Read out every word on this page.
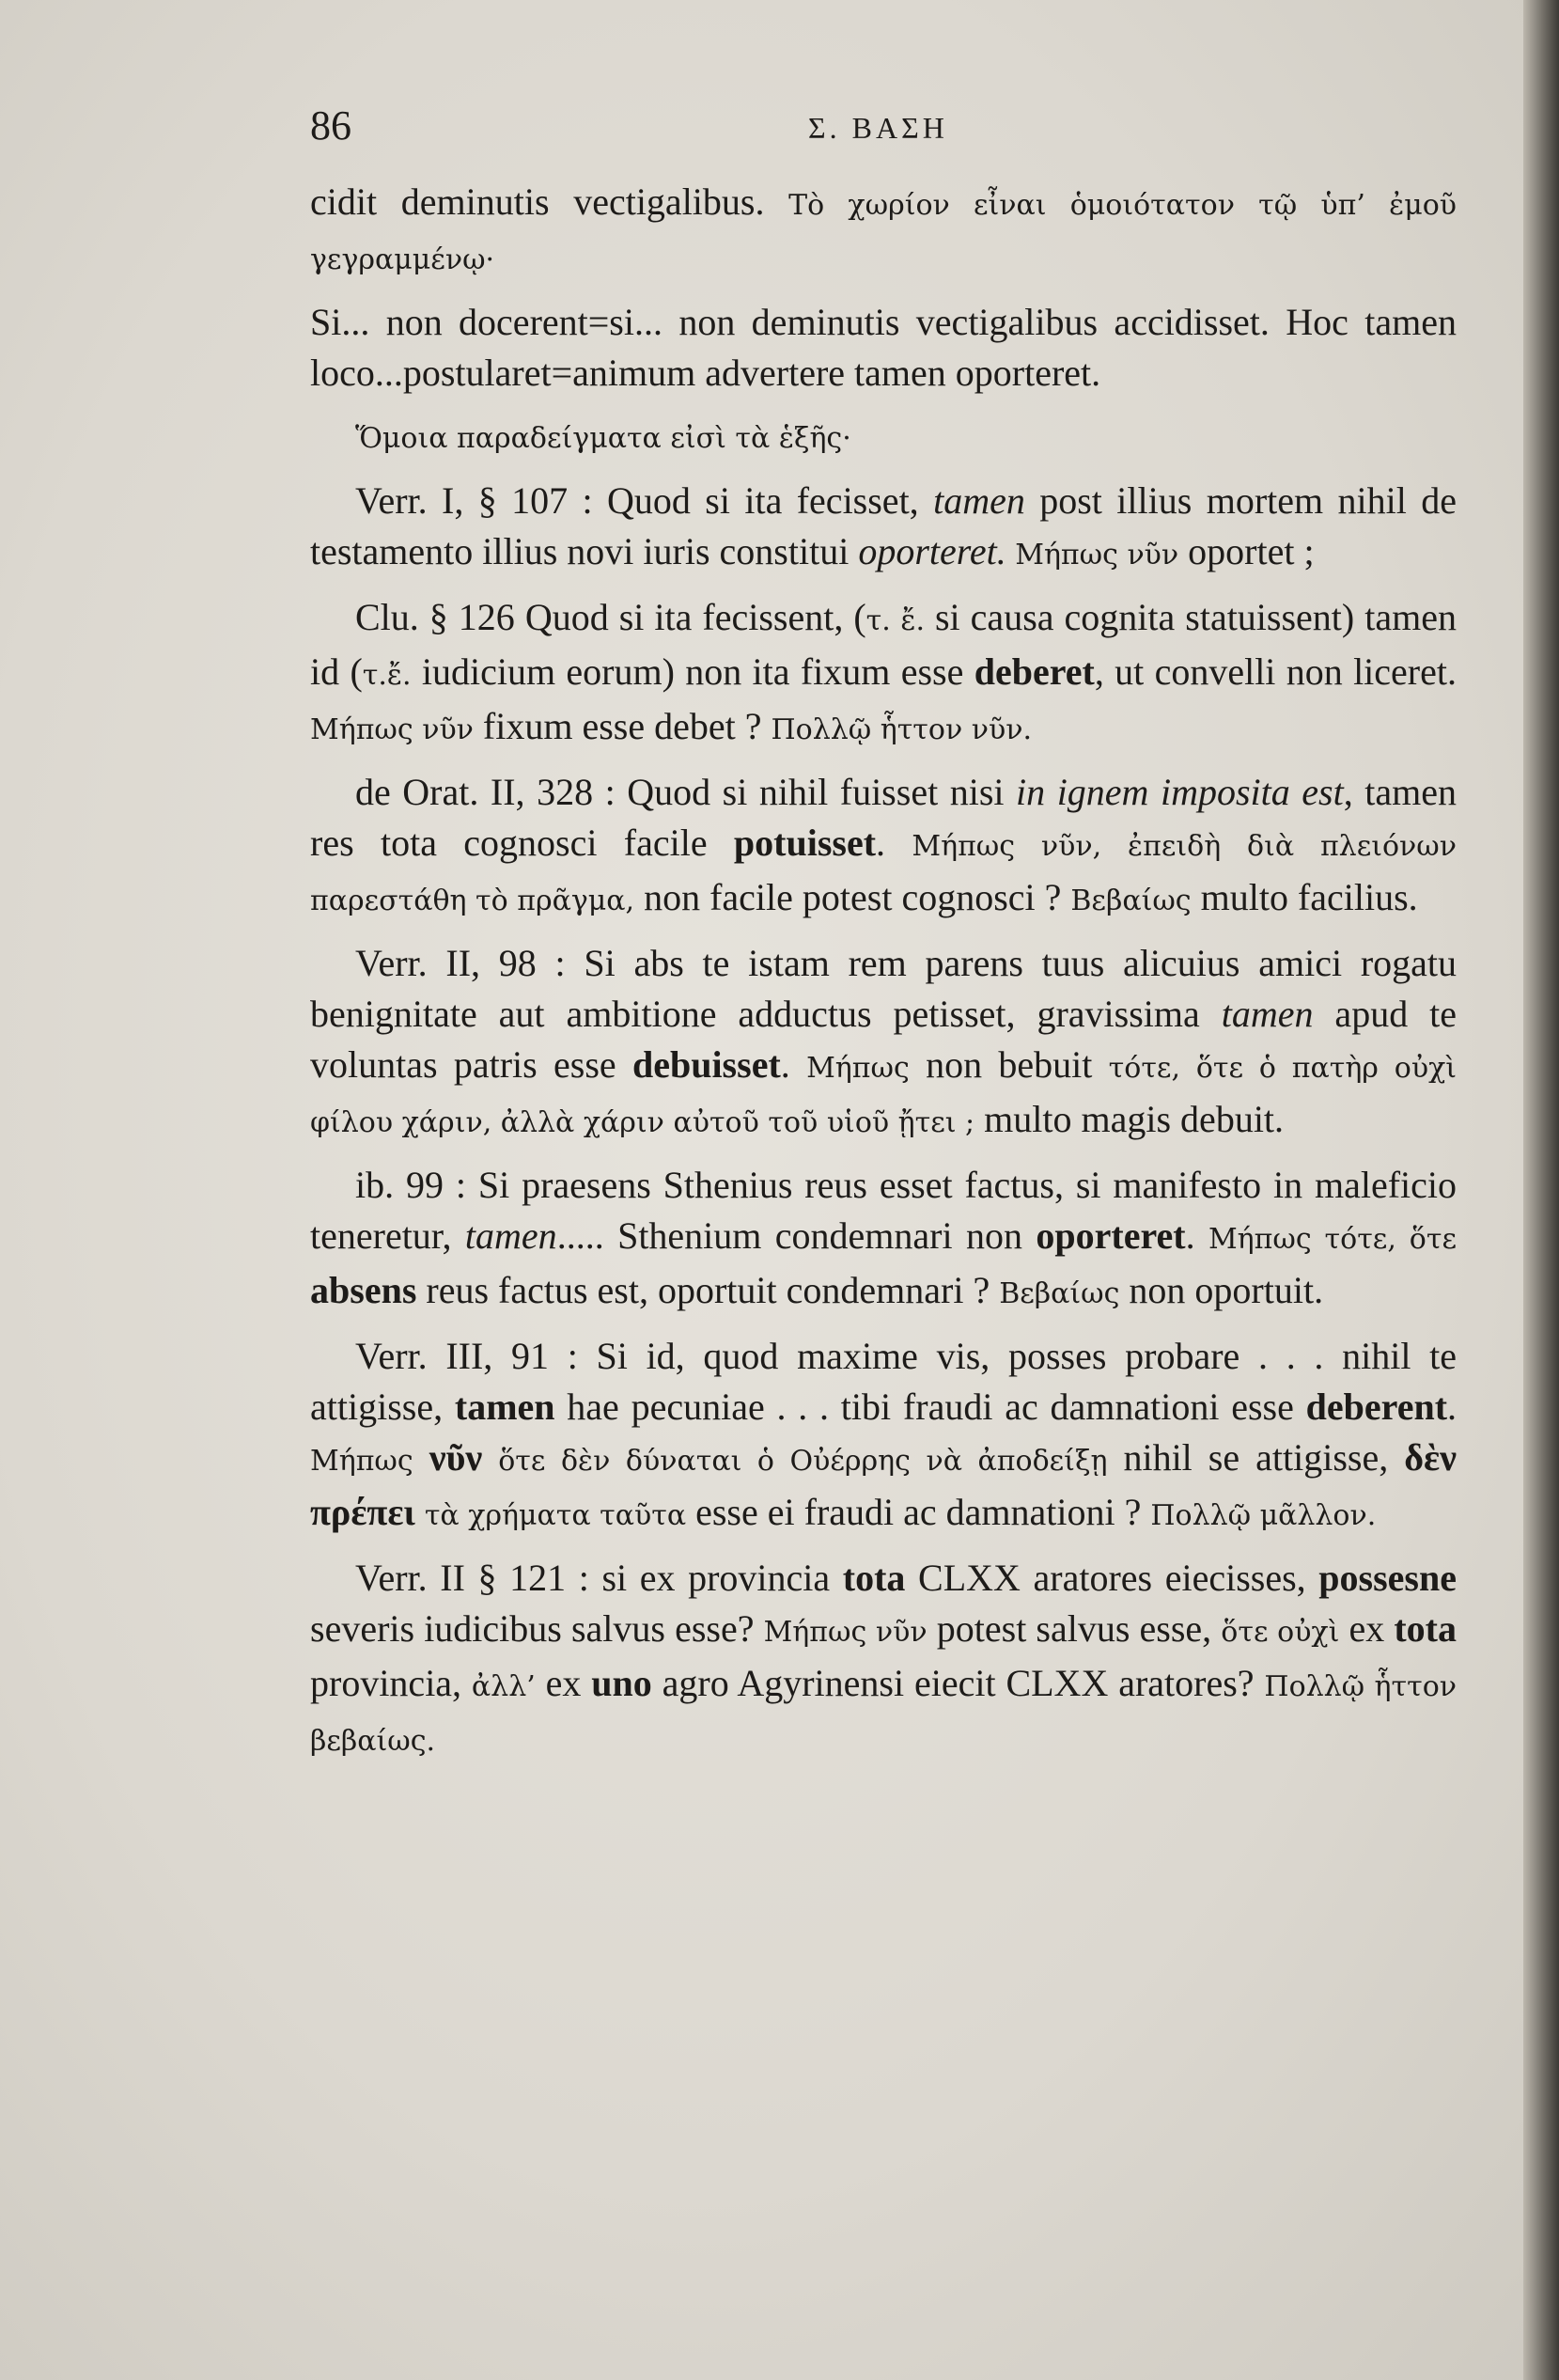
86	Σ. ΒΑΣΗ

cidit deminutis vectigalibus. Τὸ χωρίον εἶναι ὁμοιότατον τῷ ὑπ’ ἐμοῦ γεγραμμένῳ·

Si... non docerent=si... non deminutis vectigalibus accidisset. Hoc tamen loco...postularet=animum advertere tamen oporteret.

Ὅμοια παραδείγματα εἰσὶ τὰ ἑξῆς·

Verr. I, § 107 : Quod si ita fecisset, tamen post illius mortem nihil de testamento illius novi iuris constitui oporteret. Μήπως νῦν oportet ;

Clu. § 126 Quod si ita fecissent, (τ. ἔ. si causa cognita statuissent) tamen id (τ.ἔ. iudicium eorum) non ita fixum esse deberet, ut convelli non liceret. Μήπως νῦν fixum esse debet ? Πολλῷ ἧττον νῦν.

de Orat. II, 328 : Quod si nihil fuisset nisi in ignem imposita est, tamen res tota cognosci facile potuisset. Μήπως νῦν, ἐπειδὴ διὰ πλειόνων παρεστάθη τὸ πρᾶγμα, non facile potest cognosci ? Βεβαίως multo facilius.

Verr. II, 98 : Si abs te istam rem parens tuus alicuius amici rogatu benignitate aut ambitione adductus petisset, gravissima tamen apud te voluntas patris esse debuisset. Μήπως non bebuit τότε, ὅτε ὁ πατὴρ οὐχὶ φίλου χάριν, ἀλλὰ χάριν αὐτοῦ τοῦ υἱοῦ ᾔτει ; multo magis debuit.

ib. 99 : Si praesens Sthenius reus esset factus, si manifesto in maleficio teneretur, tamen..... Sthenium condemnari non oporteret. Μήπως τότε, ὅτε absens reus factus est, oportuit condemnari ? Βεβαίως non oportuit.

Verr. III, 91 : Si id, quod maxime vis, posses probare . . . nihil te attigisse, tamen hae pecuniae . . . tibi fraudi ac damnationi esse deberent. Μήπως νῦν ὅτε δὲν δύναται ὁ Οὐέρρης νὰ ἀποδείξῃ nihil se attigisse, δὲν πρέπει τὰ χρήματα ταῦτα esse ei fraudi ac damnationi ? Πολλῷ μᾶλλον.

Verr. II § 121 : si ex provincia tota CLXX aratores eiecisses, possesne severis iudicibus salvus esse? Μήπως νῦν potest salvus esse, ὅτε οὐχὶ ex tota provincia, ἀλλ’ ex uno agro Agyrinensi eiecit CLXX aratores? Πολλῷ ἧττον βεβαίως.
